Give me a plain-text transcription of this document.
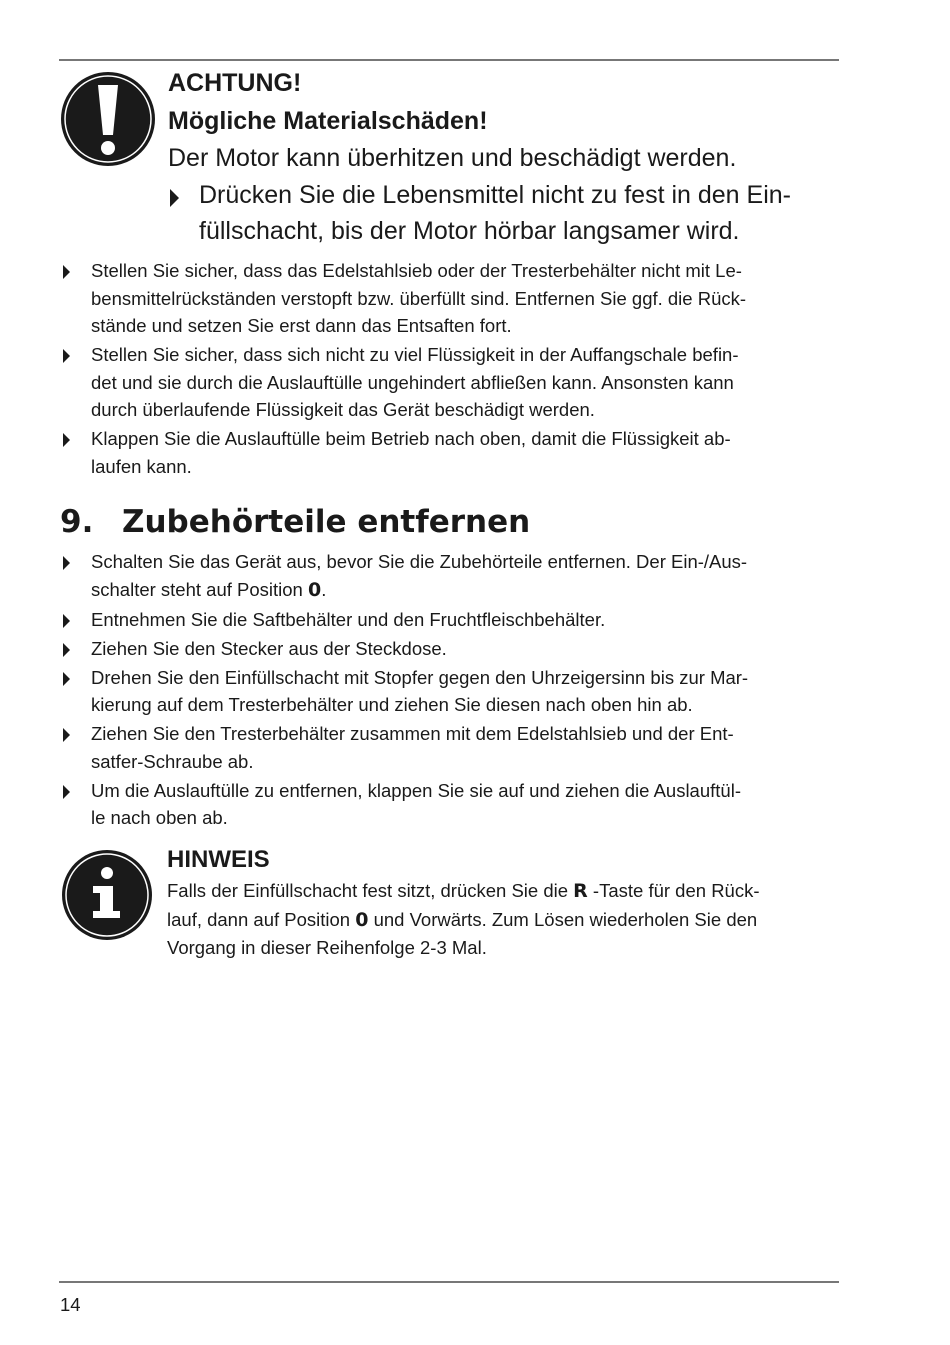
ACHTUNG!
Mögliche Materialschäden!
Der Motor kann überhitzen und beschädigt werden.
Drücken Sie die Lebensmittel nicht zu fest in den Ein-
füllschacht, bis der Motor hörbar langsamer wird.
Stellen Sie sicher, dass das Edelstahlsieb oder der Tresterbehälter nicht mit Le-
bensmittelrückständen verstopft bzw. überfüllt sind. Entfernen Sie ggf. die Rück-
stände und setzen Sie erst dann das Entsaften fort.
Stellen Sie sicher, dass sich nicht zu viel Flüssigkeit in der Auffangschale befin-
det und sie durch die Auslauftülle ungehindert abfließen kann. Ansonsten kann
durch überlaufende Flüssigkeit das Gerät beschädigt werden.
Klappen Sie die Auslauftülle beim Betrieb nach oben, damit die Flüssigkeit ab-
laufen kann.
9. Zubehörteile entfernen
Schalten Sie das Gerät aus, bevor Sie die Zubehörteile entfernen. Der Ein-/Aus-
schalter steht auf Position 0.
Entnehmen Sie die Saftbehälter und den Fruchtfleischbehälter.
Ziehen Sie den Stecker aus der Steckdose.
Drehen Sie den Einfüllschacht mit Stopfer gegen den Uhrzeigersinn bis zur Mar-
kierung auf dem Tresterbehälter und ziehen Sie diesen nach oben hin ab.
Ziehen Sie den Tresterbehälter zusammen mit dem Edelstahlsieb und der Ent-
satfer-Schraube ab.
Um die Auslauftülle zu entfernen, klappen Sie sie auf und ziehen die Auslauftül-
le nach oben ab.
HINWEIS
Falls der Einfüllschacht fest sitzt, drücken Sie die R -Taste für den Rück-
lauf, dann auf Position 0 und Vorwärts. Zum Lösen wiederholen Sie den
Vorgang in dieser Reihenfolge 2-3 Mal.
14
